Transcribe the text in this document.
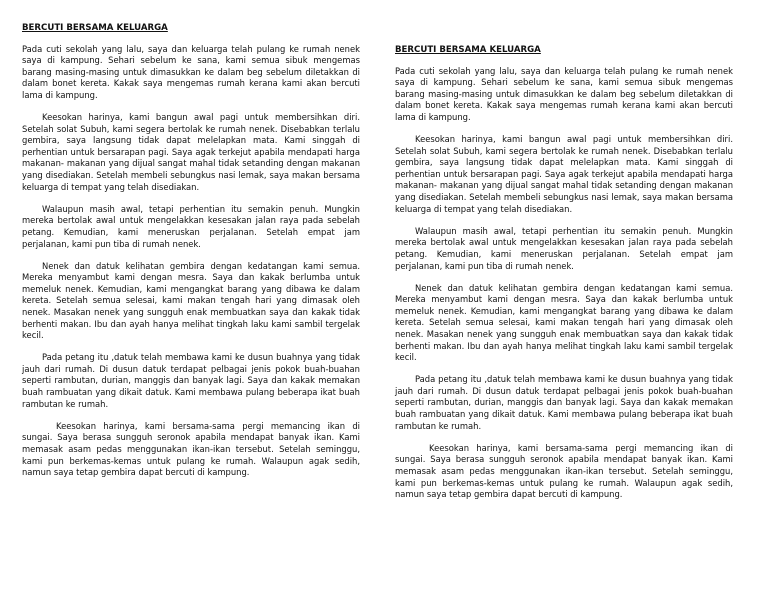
BERCUTI BERSAMA KELUARGA

Pada cuti sekolah yang lalu, saya dan keluarga telah pulang ke rumah nenek saya di kampung. Sehari sebelum ke sana, kami semua sibuk mengemas barang masing-masing untuk dimasukkan ke dalam beg sebelum diletakkan di dalam bonet kereta. Kakak saya mengemas rumah kerana kami akan bercuti lama di kampung.

Keesokan harinya, kami bangun awal pagi untuk membersihkan diri. Setelah solat Subuh, kami segera bertolak ke rumah nenek. Disebabkan terlalu gembira, saya langsung tidak dapat melelapkan mata. Kami singgah di perhentian untuk bersarapan pagi. Saya agak terkejut apabila mendapati harga makanan- makanan yang dijual sangat mahal tidak setanding dengan makanan yang disediakan. Setelah membeli sebungkus nasi lemak, saya makan bersama keluarga di tempat yang telah disediakan.

Walaupun masih awal, tetapi perhentian itu semakin penuh. Mungkin mereka bertolak awal untuk mengelakkan kesesakan jalan raya pada sebelah petang. Kemudian, kami meneruskan perjalanan. Setelah empat jam perjalanan, kami pun tiba di rumah nenek.

Nenek dan datuk kelihatan gembira dengan kedatangan kami semua. Mereka menyambut kami dengan mesra. Saya dan kakak berlumba untuk memeluk nenek. Kemudian, kami mengangkat barang yang dibawa ke dalam kereta. Setelah semua selesai, kami makan tengah hari yang dimasak oleh nenek. Masakan nenek yang sungguh enak membuatkan saya dan kakak tidak berhenti makan. Ibu dan ayah hanya melihat tingkah laku kami sambil tergelak kecil.

Pada petang itu ,datuk telah membawa kami ke dusun buahnya yang tidak jauh dari rumah. Di dusun datuk terdapat pelbagai jenis pokok buah-buahan seperti rambutan, durian, manggis dan banyak lagi. Saya dan kakak memakan buah rambuatan yang dikait datuk. Kami membawa pulang beberapa ikat buah rambutan ke rumah.

Keesokan harinya, kami bersama-sama pergi memancing ikan di sungai. Saya berasa sungguh seronok apabila mendapat banyak ikan. Kami memasak asam pedas menggunakan ikan-ikan tersebut. Setelah seminggu, kami pun berkemas-kemas untuk pulang ke rumah. Walaupun agak sedih, namun saya tetap gembira dapat bercuti di kampung.

BERCUTI BERSAMA KELUARGA

Pada cuti sekolah yang lalu, saya dan keluarga telah pulang ke rumah nenek saya di kampung. Sehari sebelum ke sana, kami semua sibuk mengemas barang masing-masing untuk dimasukkan ke dalam beg sebelum diletakkan di dalam bonet kereta. Kakak saya mengemas rumah kerana kami akan bercuti lama di kampung.

Keesokan harinya, kami bangun awal pagi untuk membersihkan diri. Setelah solat Subuh, kami segera bertolak ke rumah nenek. Disebabkan terlalu gembira, saya langsung tidak dapat melelapkan mata. Kami singgah di perhentian untuk bersarapan pagi. Saya agak terkejut apabila mendapati harga makanan- makanan yang dijual sangat mahal tidak setanding dengan makanan yang disediakan. Setelah membeli sebungkus nasi lemak, saya makan bersama keluarga di tempat yang telah disediakan.

Walaupun masih awal, tetapi perhentian itu semakin penuh. Mungkin mereka bertolak awal untuk mengelakkan kesesakan jalan raya pada sebelah petang. Kemudian, kami meneruskan perjalanan. Setelah empat jam perjalanan, kami pun tiba di rumah nenek.

Nenek dan datuk kelihatan gembira dengan kedatangan kami semua. Mereka menyambut kami dengan mesra. Saya dan kakak berlumba untuk memeluk nenek. Kemudian, kami mengangkat barang yang dibawa ke dalam kereta. Setelah semua selesai, kami makan tengah hari yang dimasak oleh nenek. Masakan nenek yang sungguh enak membuatkan saya dan kakak tidak berhenti makan. Ibu dan ayah hanya melihat tingkah laku kami sambil tergelak kecil.

Pada petang itu ,datuk telah membawa kami ke dusun buahnya yang tidak jauh dari rumah. Di dusun datuk terdapat pelbagai jenis pokok buah-buahan seperti rambutan, durian, manggis dan banyak lagi. Saya dan kakak memakan buah rambuatan yang dikait datuk. Kami membawa pulang beberapa ikat buah rambutan ke rumah.

Keesokan harinya, kami bersama-sama pergi memancing ikan di sungai. Saya berasa sungguh seronok apabila mendapat banyak ikan. Kami memasak asam pedas menggunakan ikan-ikan tersebut. Setelah seminggu, kami pun berkemas-kemas untuk pulang ke rumah. Walaupun agak sedih, namun saya tetap gembira dapat bercuti di kampung.
